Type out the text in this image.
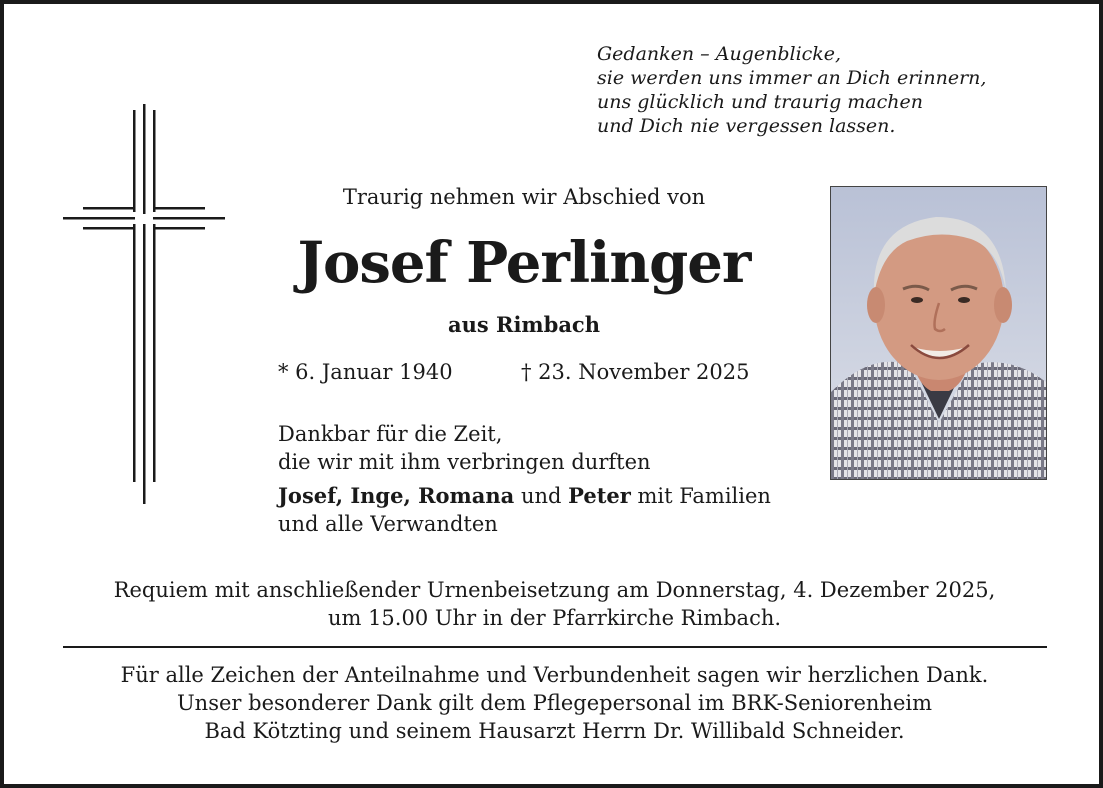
Gedanken – Augenblicke,
sie werden uns immer an Dich erinnern,
uns glücklich und traurig machen
und Dich nie vergessen lassen.

Traurig nehmen wir Abschied von

Josef Perlinger

aus Rimbach

* 6. Januar 1940	† 23. November 2025

Dankbar für die Zeit,
die wir mit ihm verbringen durften
Josef, Inge, Romana und Peter mit Familien
und alle Verwandten
Requiem mit anschließender Urnenbeisetzung am Donnerstag, 4. Dezember 2025,
um 15.00 Uhr in der Pfarrkirche Rimbach.
Für alle Zeichen der Anteilnahme und Verbundenheit sagen wir herzlichen Dank.
Unser besonderer Dank gilt dem Pflegepersonal im BRK-Seniorenheim
Bad Kötzting und seinem Hausarzt Herrn Dr. Willibald Schneider.
